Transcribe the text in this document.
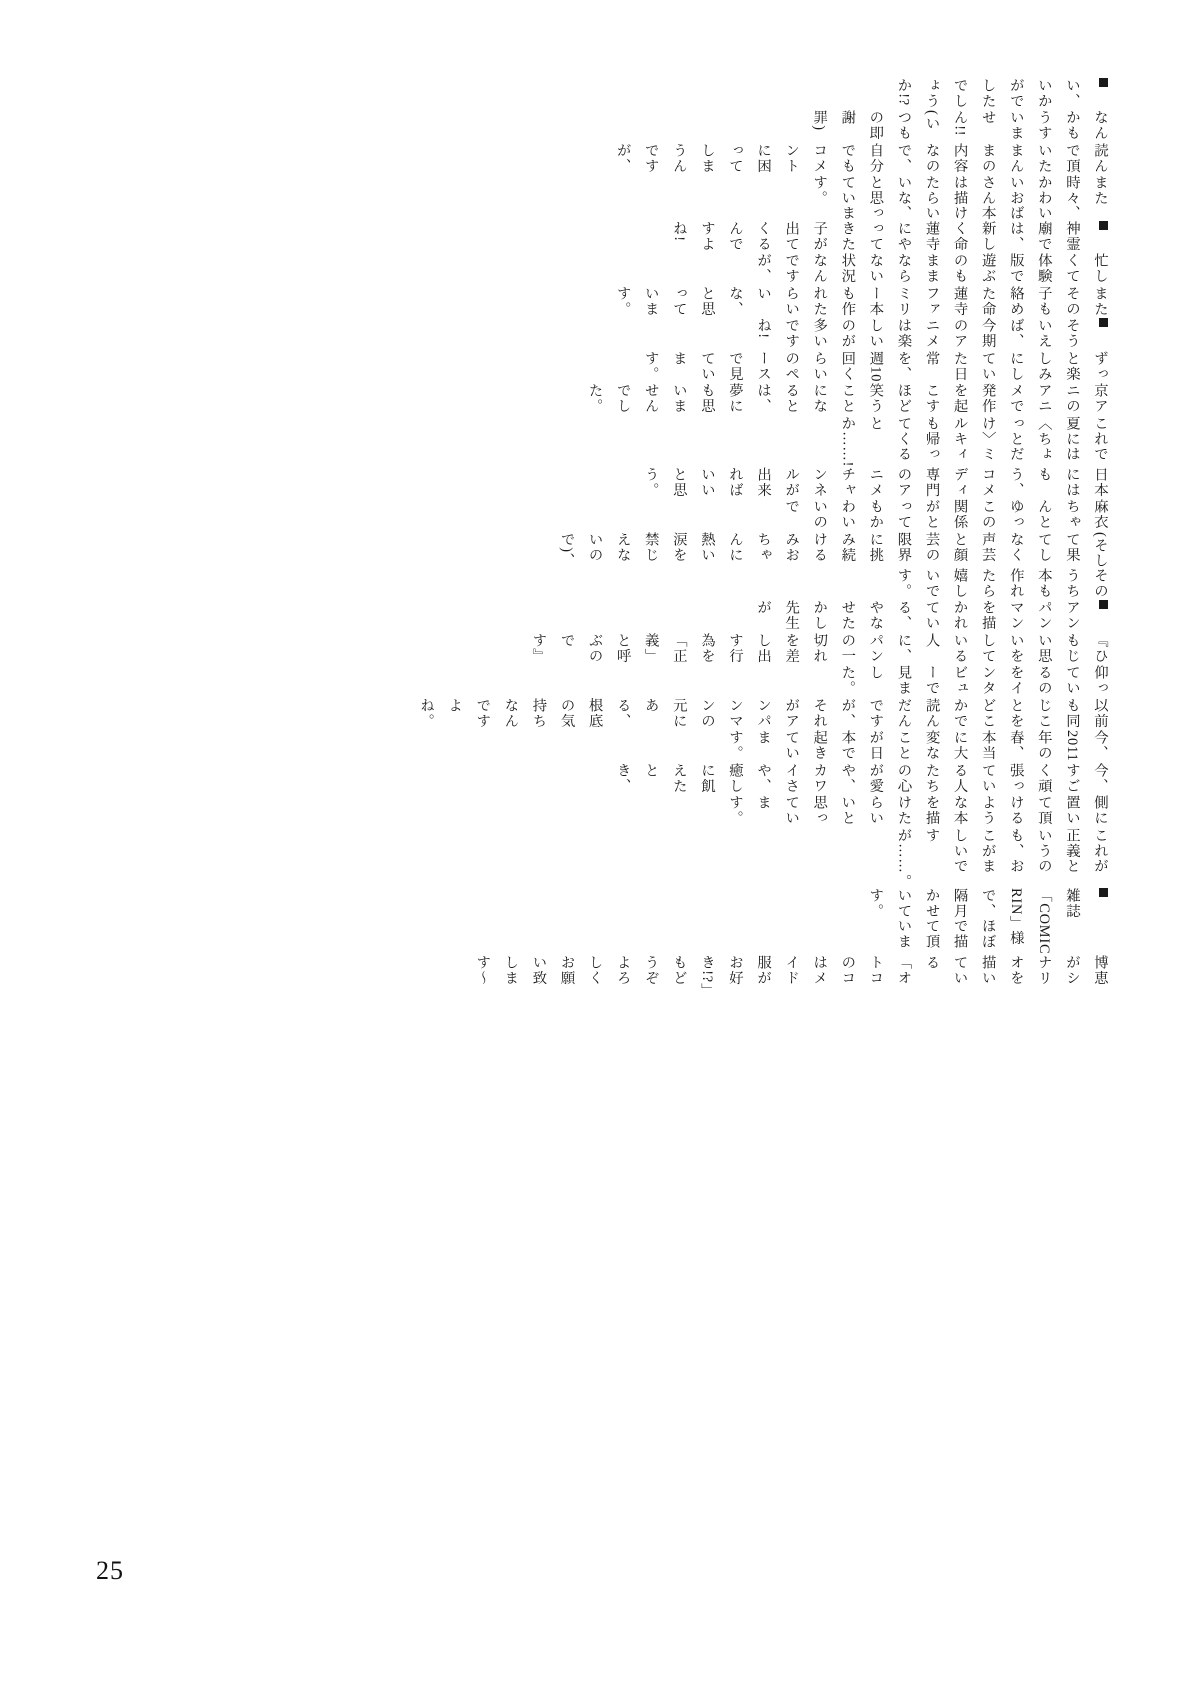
い、いかがでしたでしょうか!?
なんかもうすいません!!(いつもの即謝罪)
読んで頂いたまんまの内容なので、自分でもコメントに困ってしまうんですが、
また時々、かわいいおばさん本は描けたらいいな、と思っています。
神霊廟では、新しく命蓮寺にやってきた子が出てくるんですよね!
忙しくて体験版で遊ぶのもままならない状況なんですが、
またその子も絡めた命蓮寺ファミリー本も作れたらいいな、と思っています。
そういえば、今期のアニメは楽しいのが多いですね!
ずっと楽しみにしていた日常を、週10回くらいのペースで見ています。
京アニのアニメで発作を起こすほど笑うことになるとは、夢にも思いませんでした。
これで夏には〈ちょっとだけ〉ミルキィも帰ってくるとか……!
日本にはもう、コメディ専門のアニメチャンネルが出来ればいいと思う。
麻衣ちゃんとゆっこの関係がとってもかわいいので
(そして果てしなく声芸と顔芸の限界に挑み続けるみおちゃんに熱い涙を禁じえないので)、
そのうち本も作れたら嬉しいです。
アンパンマンを描かれている、やなせたかし先生が
『ひもじい思いをしている人に、パンの一切れを差し出す行為を「正義」と呼ぶのです』
仰っているのをインタビューで見ました。
以前も同じことをどこかで読んだんですが、それがアンパンマンの元にある、根底の気持ちなんですよね。
今、2011年の春、本当に大変なことが日本で起きています。
今、すごく頑張っている人たちの心が愛や、カワイさや、癒しに飢えたとき、
側に置いて頂けるような本を描けたらいいと思っています。
これが正義というのも、おこがましいですが……。
雑誌「COMIC RIN」様で、ほぼ隔月で描かせて頂いています。
博恵がシナリオを描いている「オトコのコはメイド服がお好き!?」もどうぞよろしくお願い致します〜
25
